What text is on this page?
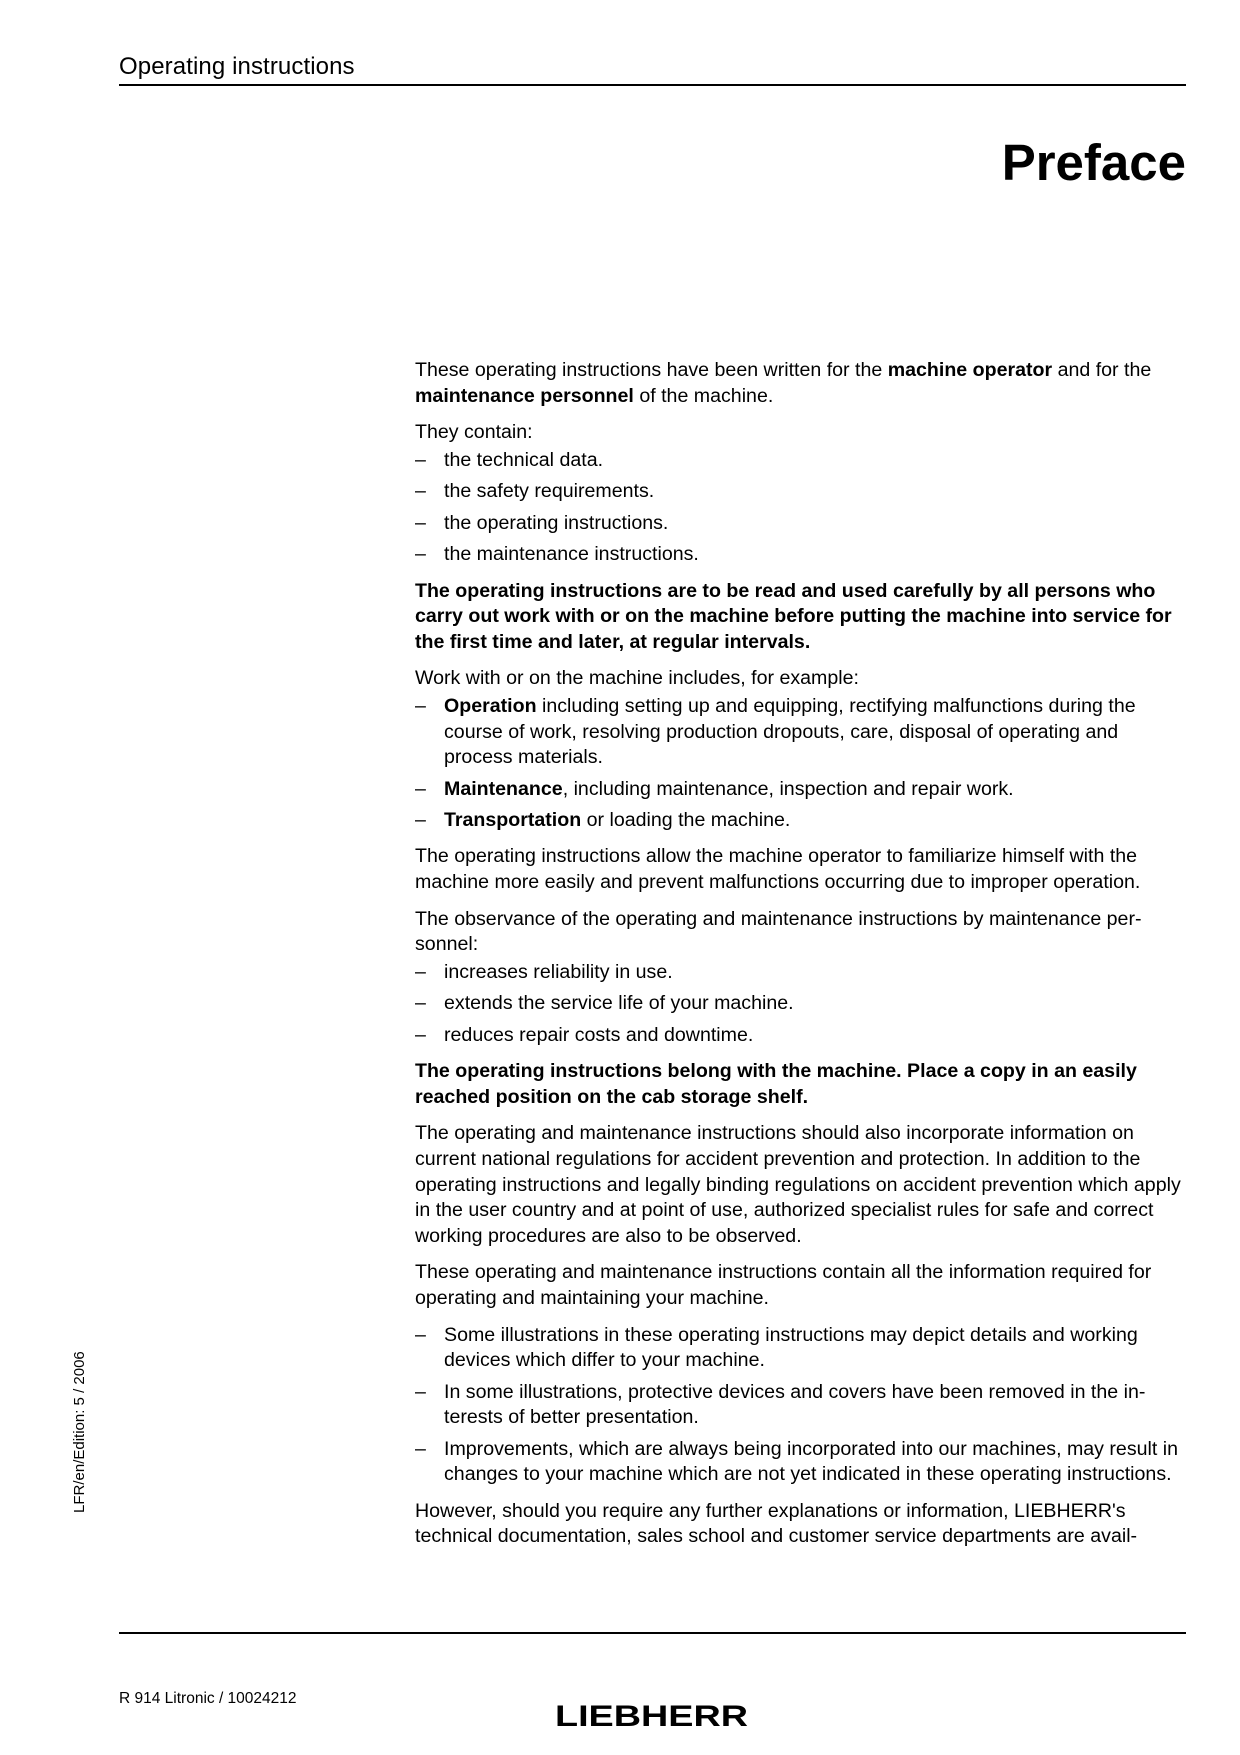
Operating instructions
Preface

These operating instructions have been written for the machine operator and for the maintenance personnel of the machine.

They contain:

– the technical data.
– the safety requirements.
– the operating instructions.
– the maintenance instructions.

The operating instructions are to be read and used carefully by all persons who carry out work with or on the machine before putting the machine into service for the first time and later, at regular intervals.

Work with or on the machine includes, for example:

– Operation including setting up and equipping, rectifying malfunctions during the course of work, resolving production dropouts, care, disposal of operating and process materials.
– Maintenance, including maintenance, inspection and repair work.
– Transportation or loading the machine.

The operating instructions allow the machine operator to familiarize himself with the machine more easily and prevent malfunctions occurring due to improper operation.

The observance of the operating and maintenance instructions by maintenance personnel:

– increases reliability in use.
– extends the service life of your machine.
– reduces repair costs and downtime.

The operating instructions belong with the machine. Place a copy in an easily reached position on the cab storage shelf.

The operating and maintenance instructions should also incorporate information on current national regulations for accident prevention and protection. In addition to the operating instructions and legally binding regulations on accident prevention which apply in the user country and at point of use, authorized specialist rules for safe and correct working procedures are also to be observed.

These operating and maintenance instructions contain all the information required for operating and maintaining your machine.

– Some illustrations in these operating instructions may depict details and working devices which differ to your machine.
– In some illustrations, protective devices and covers have been removed in the interests of better presentation.
– Improvements, which are always being incorporated into our machines, may result in changes to your machine which are not yet indicated in these operating instructions.

However, should you require any further explanations or information, LIEBHERR's technical documentation, sales school and customer service departments are avail-

LFR/en/Edition: 5 / 2006
R 914 Litronic / 10024212
LIEBHERR
